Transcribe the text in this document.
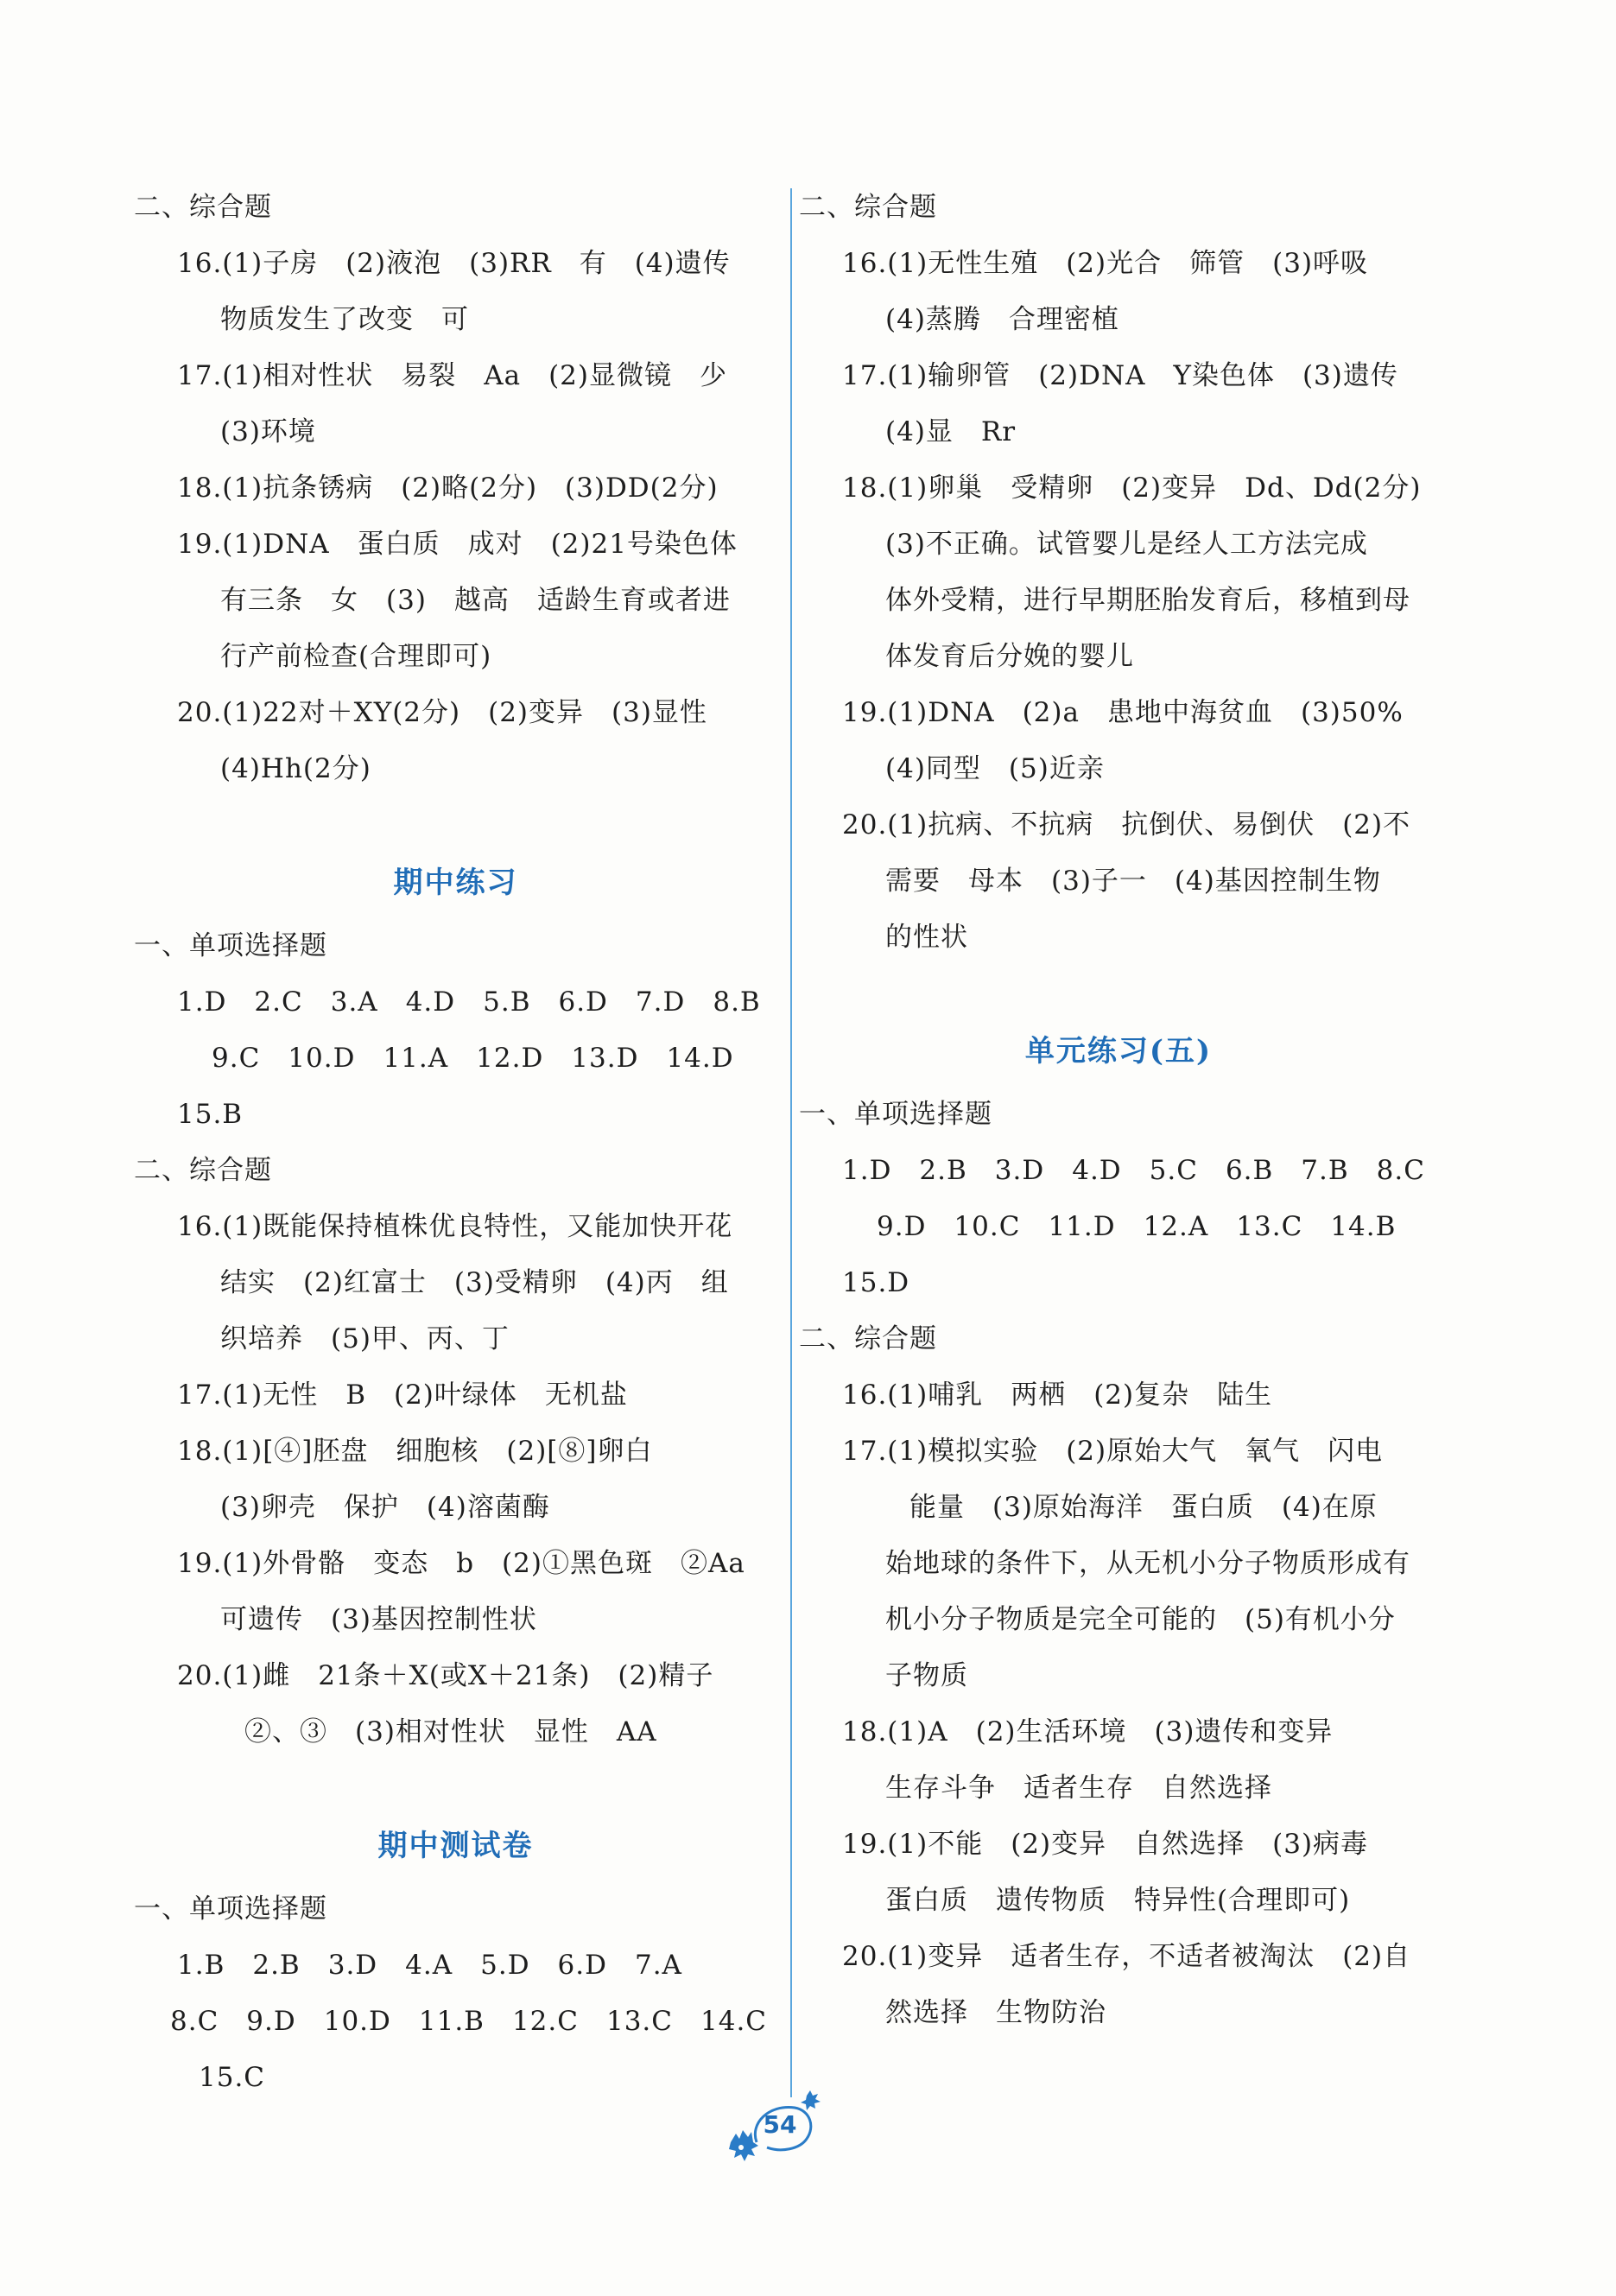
二、综合题
16.(1)子房　(2)液泡　(3)RR　有　(4)遗传
物质发生了改变　可
17.(1)相对性状　易裂　Aa　(2)显微镜　少
(3)环境
18.(1)抗条锈病　(2)略(2分)　(3)DD(2分)
19.(1)DNA　蛋白质　成对　(2)21号染色体
有三条　女　(3)　越高　适龄生育或者进
行产前检查(合理即可)
20.(1)22对＋XY(2分)　(2)变异　(3)显性
(4)Hh(2分)
期中练习
一、单项选择题
1.D　2.C　3.A　4.D　5.B　6.D　7.D　8.B
9.C　10.D　11.A　12.D　13.D　14.D
15.B
二、综合题
16.(1)既能保持植株优良特性，又能加快开花
结实　(2)红富士　(3)受精卵　(4)丙　组
织培养　(5)甲、丙、丁
17.(1)无性　B　(2)叶绿体　无机盐
18.(1)[④]胚盘　细胞核　(2)[⑧]卵白
(3)卵壳　保护　(4)溶菌酶
19.(1)外骨骼　变态　b　(2)①黑色斑　②Aa
可遗传　(3)基因控制性状
20.(1)雌　21条＋X(或X＋21条)　(2)精子
②、③　(3)相对性状　显性　AA
期中测试卷
一、单项选择题
1.B　2.B　3.D　4.A　5.D　6.D　7.A
8.C　9.D　10.D　11.B　12.C　13.C　14.C
15.C
二、综合题
16.(1)无性生殖　(2)光合　筛管　(3)呼吸
(4)蒸腾　合理密植
17.(1)输卵管　(2)DNA　Y染色体　(3)遗传
(4)显　Rr
18.(1)卵巢　受精卵　(2)变异　Dd、Dd(2分)
(3)不正确。试管婴儿是经人工方法完成
体外受精，进行早期胚胎发育后，移植到母
体发育后分娩的婴儿
19.(1)DNA　(2)a　患地中海贫血　(3)50%
(4)同型　(5)近亲
20.(1)抗病、不抗病　抗倒伏、易倒伏　(2)不
需要　母本　(3)子一　(4)基因控制生物
的性状
单元练习(五)
一、单项选择题
1.D　2.B　3.D　4.D　5.C　6.B　7.B　8.C
9.D　10.C　11.D　12.A　13.C　14.B
15.D
二、综合题
16.(1)哺乳　两栖　(2)复杂　陆生
17.(1)模拟实验　(2)原始大气　氧气　闪电
能量　(3)原始海洋　蛋白质　(4)在原
始地球的条件下，从无机小分子物质形成有
机小分子物质是完全可能的　(5)有机小分
子物质
18.(1)A　(2)生活环境　(3)遗传和变异
生存斗争　适者生存　自然选择
19.(1)不能　(2)变异　自然选择　(3)病毒
蛋白质　遗传物质　特异性(合理即可)
20.(1)变异　适者生存，不适者被淘汰　(2)自
然选择　生物防治
54
